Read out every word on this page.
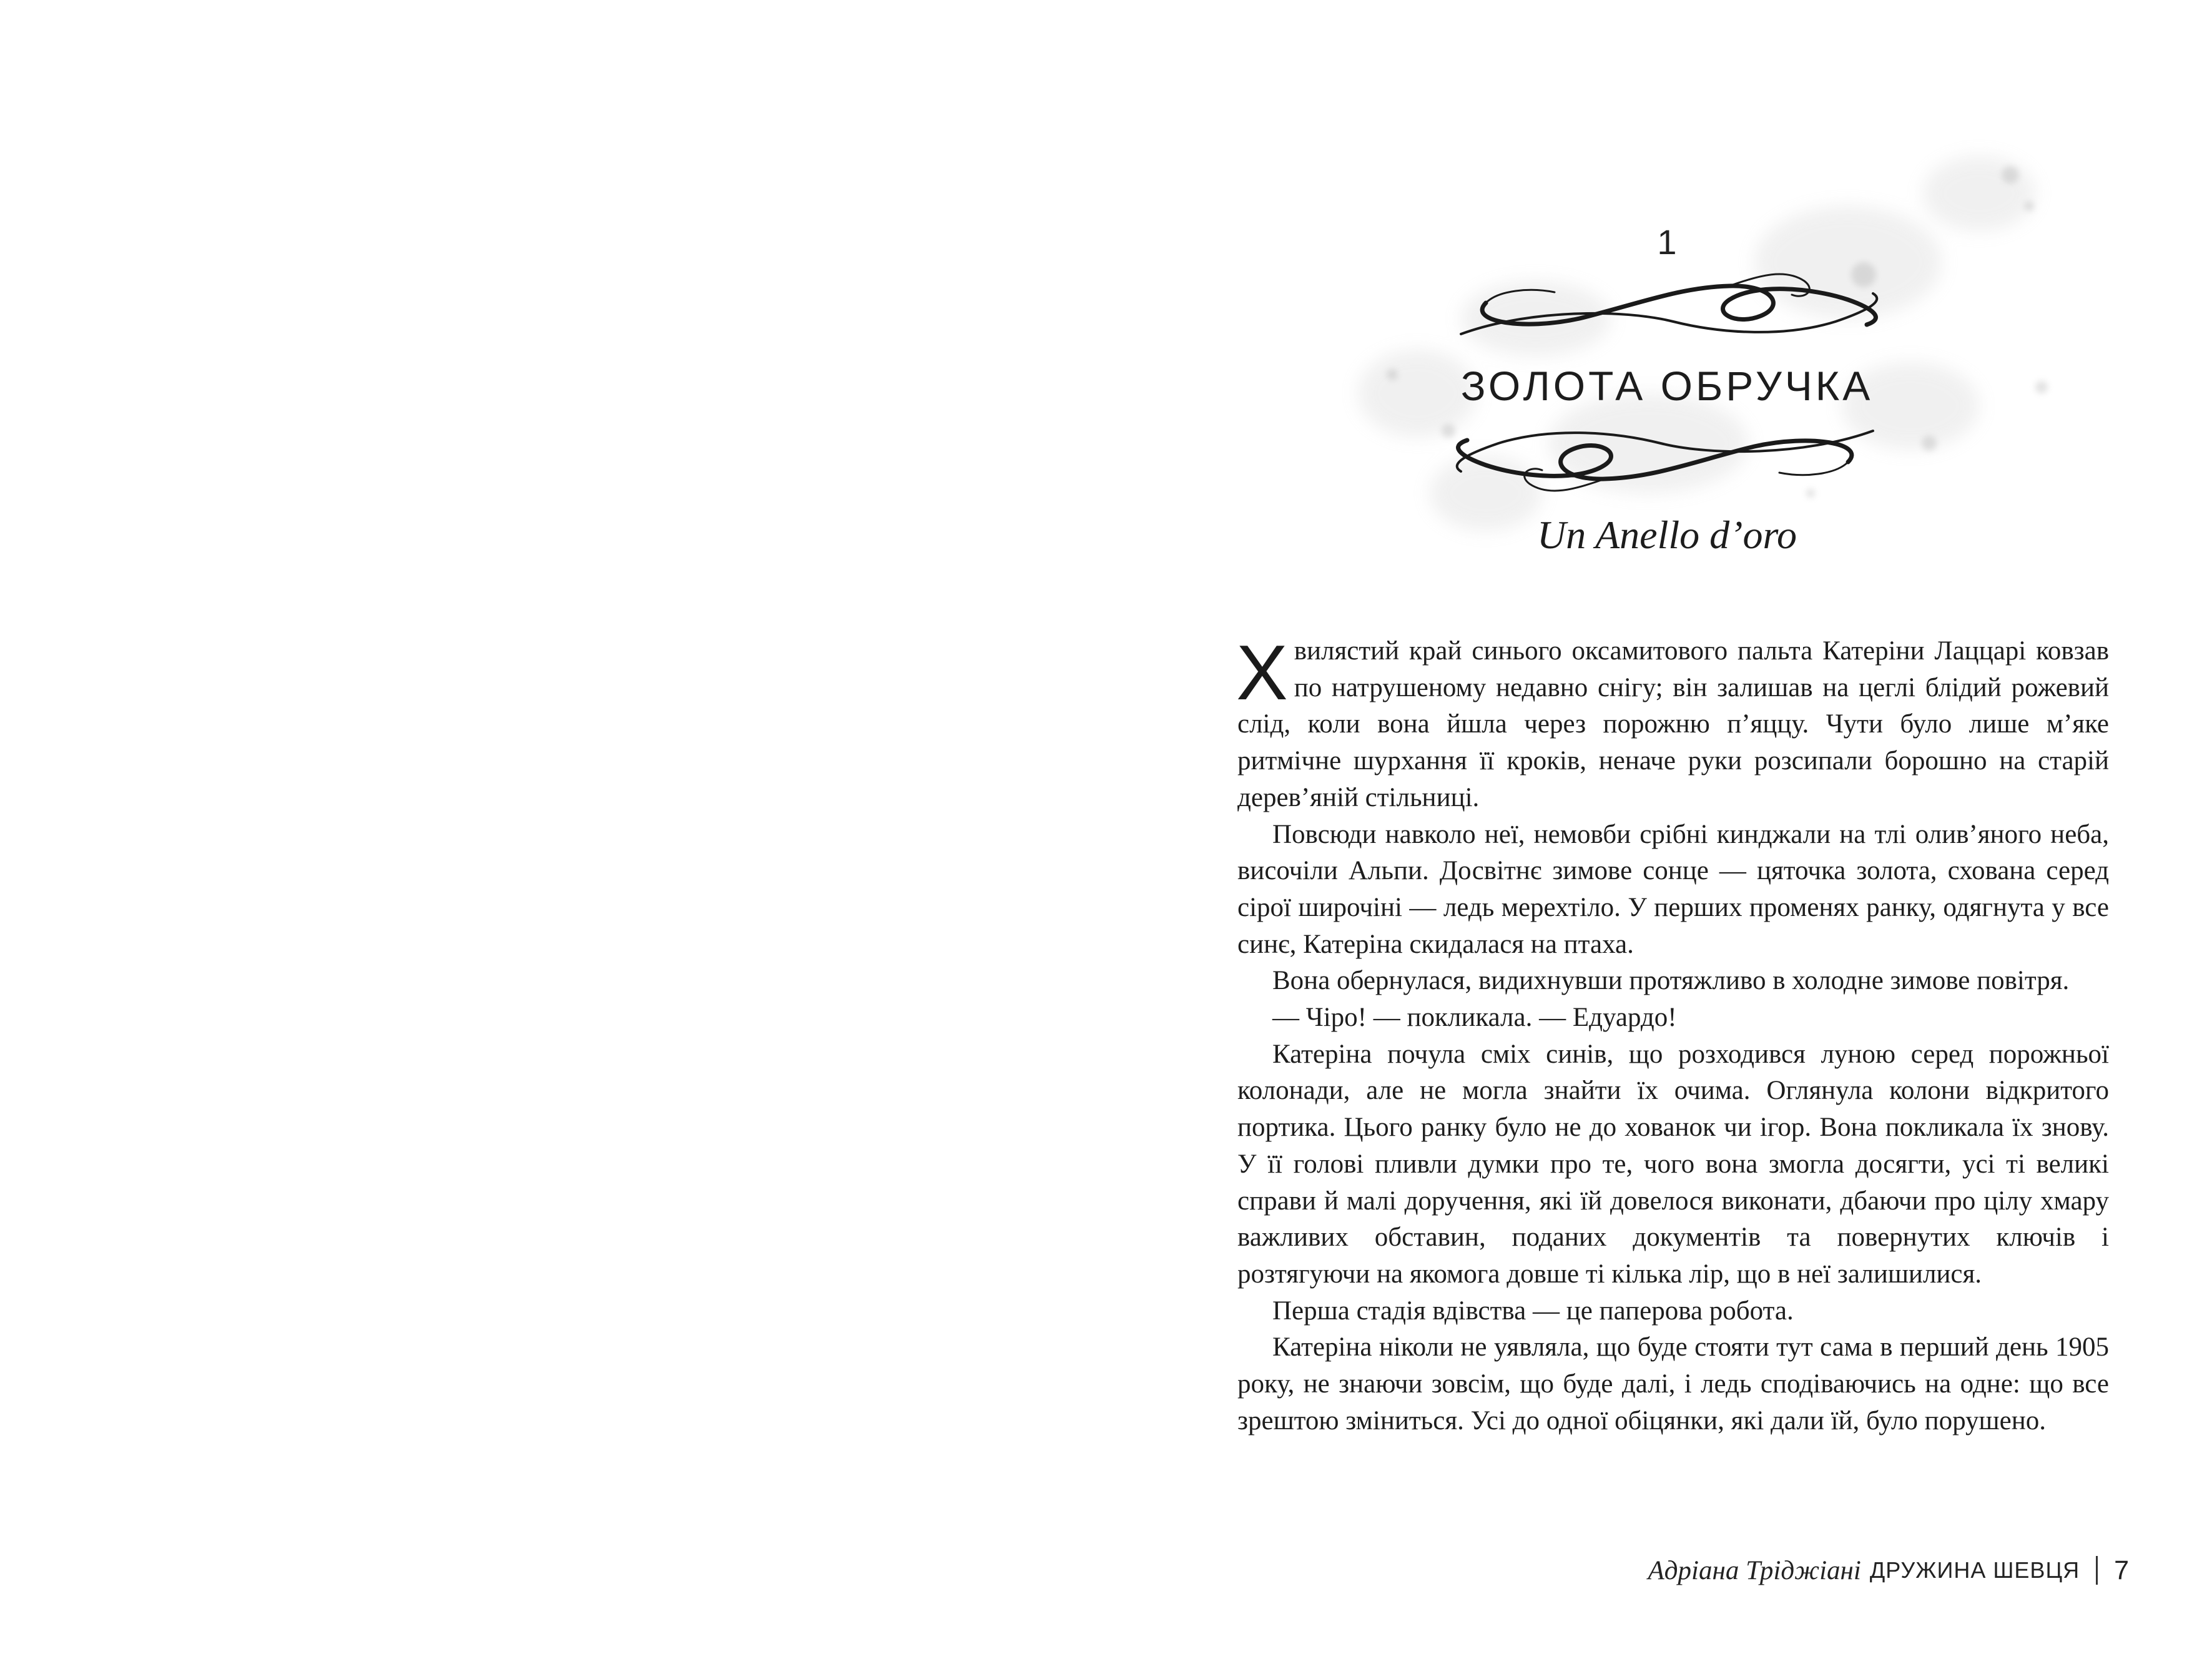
1
ЗОЛОТА ОБРУЧКА
Un Anello d’oro

Хвилястий край синього оксамитового пальта Катеріни Лаццарі ковзав по натрушеному недавно снігу; він залишав на цеглі блідий рожевий слід, коли вона йшла через порожню п’яццу. Чути було лише м’яке ритмічне шурхання її кроків, неначе руки розсипали борошно на старій дерев’яній стільниці.

Повсюди навколо неї, немовби срібні кинджали на тлі олив’яного неба, височіли Альпи. Досвітнє зимове сонце — цяточка золота, схована серед сірої широчіні — ледь мерехтіло. У перших променях ранку, одягнута у все синє, Катеріна скидалася на птаха.

Вона обернулася, видихнувши протяжливо в холодне зимове повітря.

— Чіро! — покликала. — Едуардо!

Катеріна почула сміх синів, що розходився луною серед порожньої колонади, але не могла знайти їх очима. Оглянула колони відкритого портика. Цього ранку було не до хованок чи ігор. Вона покликала їх знову. У її голові пливли думки про те, чого вона змогла досягти, усі ті великі справи й малі доручення, які їй довелося виконати, дбаючи про цілу хмару важливих обставин, поданих документів та повернутих ключів і розтягуючи на якомога довше ті кілька лір, що в неї залишилися.

Перша стадія вдівства — це паперова робота.

Катеріна ніколи не уявляла, що буде стояти тут сама в перший день 1905 року, не знаючи зовсім, що буде далі, і ледь сподіваючись на одне: що все зрештою зміниться. Усі до одної обіцянки, які дали їй, було порушено.

Адріана Тріджіані ДРУЖИНА ШЕВЦЯ 7
